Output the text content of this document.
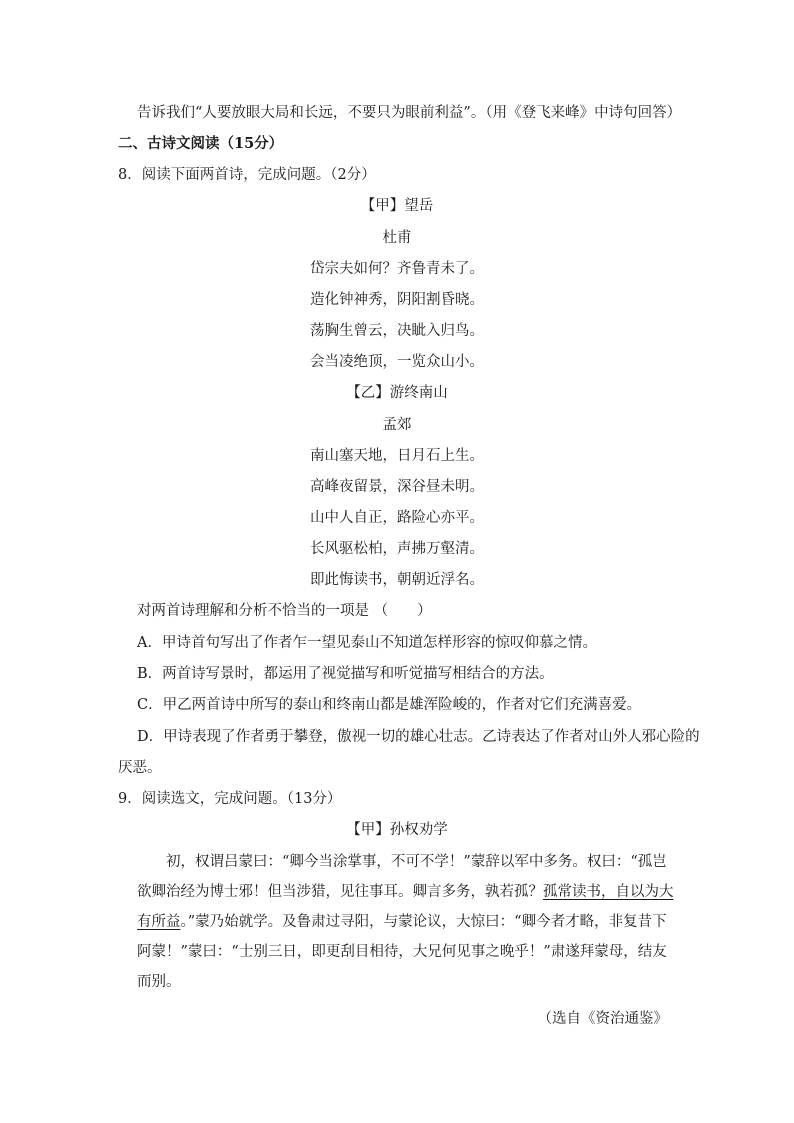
告诉我们“人要放眼大局和长远，不要只为眼前利益”。（用《登飞来峰》中诗句回答）
二、古诗文阅读（15分）
8．阅读下面两首诗，完成问题。（2分）
【甲】望岳
杜甫
岱宗夫如何？齐鲁青未了。
造化钟神秀，阴阳割昏晓。
荡胸生曾云，决眦入归鸟。
会当凌绝顶，一览众山小。
【乙】游终南山
孟郊
南山塞天地，日月石上生。
高峰夜留景，深谷昼未明。
山中人自正，路险心亦平。
长风驱松柏，声拂万壑清。
即此悔读书，朝朝近浮名。
对两首诗理解和分析不恰当的一项是 （　　）
A．甲诗首句写出了作者乍一望见泰山不知道怎样形容的惊叹仰慕之情。
B．两首诗写景时，都运用了视觉描写和听觉描写相结合的方法。
C．甲乙两首诗中所写的泰山和终南山都是雄浑险峻的，作者对它们充满喜爱。
D．甲诗表现了作者勇于攀登，傲视一切的雄心壮志。乙诗表达了作者对山外人邪心险的
厌恶。
9．阅读选文，完成问题。（13分）
【甲】孙权劝学
初，权谓吕蒙曰：“卿今当涂掌事，不可不学！”蒙辞以军中多务。权曰：“孤岂欲卿治经为博士邪！但当涉猎，见往事耳。卿言多务，孰若孤？孤常读书，自以为大有所益。”蒙乃始就学。及鲁肃过寻阳，与蒙论议，大惊曰：“卿今者才略，非复昔下阿蒙！”蒙曰：“士别三日，即更刮目相待，大兄何见事之晚乎！”肃遂拜蒙母，结友而别。
（选自《资治通鉴》
